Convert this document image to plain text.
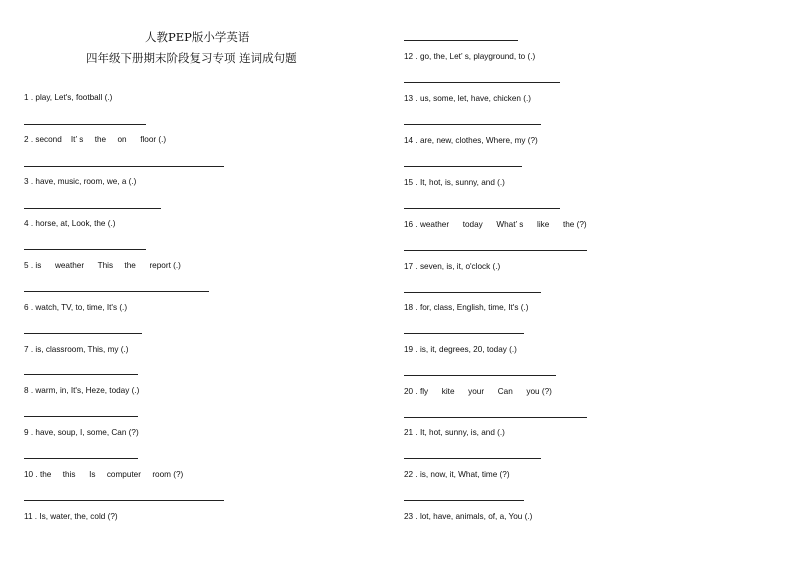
人教PEP版小学英语
四年级下册期末阶段复习专项 连词成句题
1 . play, Let's, football (.)
2 . second    It’ s     the     on      floor (.)
3 . have, music, room, we, a (.)
4 . horse, at, Look, the (.)
5 . is      weather      This     the      report (.)
6 . watch, TV, to, time, It's (.)
7 . is, classroom, This, my (.)
8 . warm, in, It's, Heze, today (.)
9 . have, soup, I, some, Can (?)
10 . the     this      Is     computer     room (?)
11 . Is, water, the, cold (?)
12 . go, the, Let’ s, playground, to (.)
13 . us, some, let, have, chicken (.)
14 . are, new, clothes, Where, my (?)
15 . It, hot, is, sunny, and (.)
16 . weather      today      What’ s      like      the (?)
17 . seven, is, it, o'clock (.)
18 . for, class, English, time, It's (.)
19 . is, it, degrees, 20, today (.)
20 . fly      kite      your      Can      you (?)
21 . It, hot, sunny, is, and (.)
22 . is, now, it, What, time (?)
23 . lot, have, animals, of, a, You (.)
